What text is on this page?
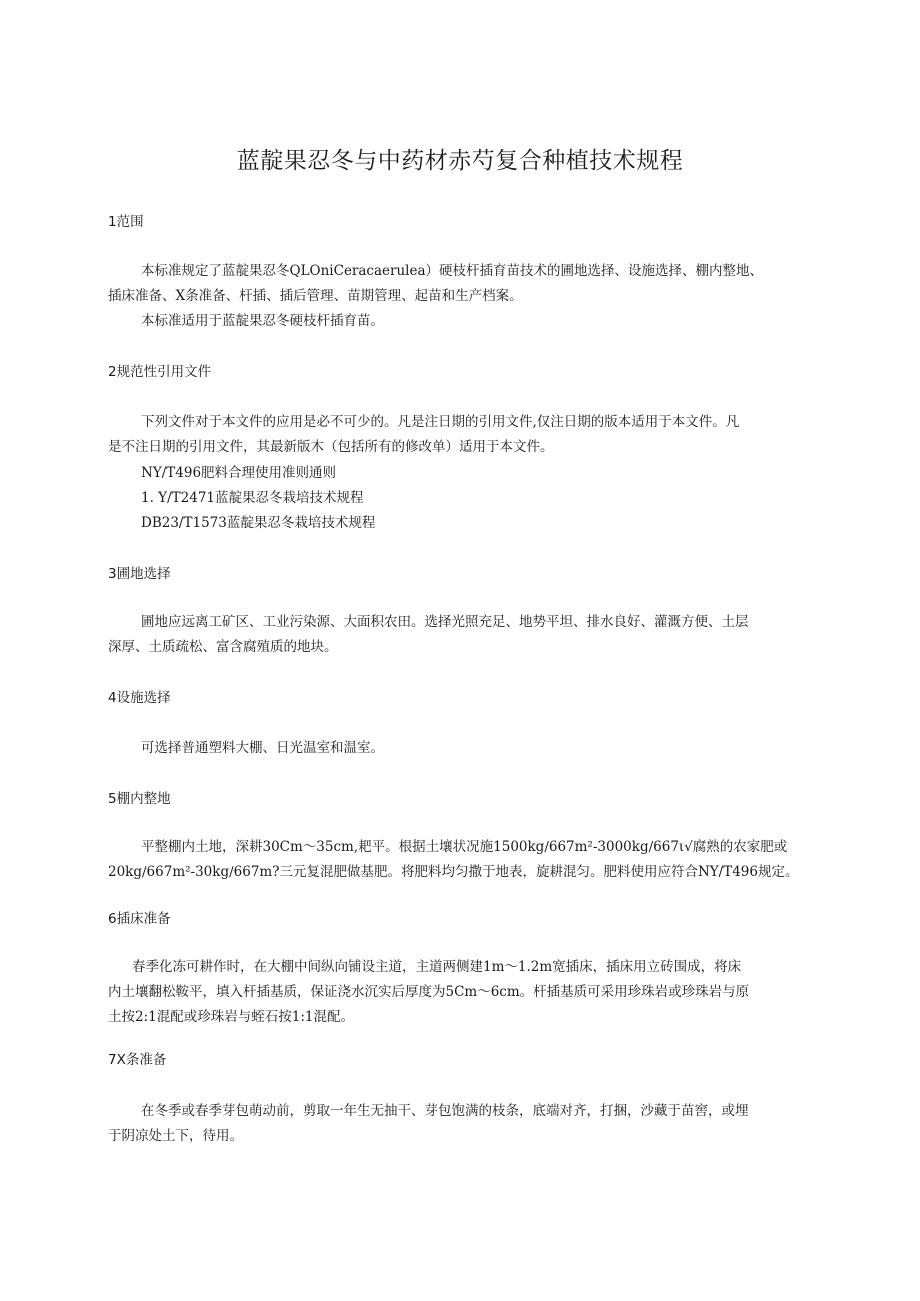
蓝靛果忍冬与中药材赤芍复合种植技术规程
1范围
本标准规定了蓝靛果忍冬QLOniCeracaerulea）硬枝杆插育苗技术的圃地选择、设施选择、棚内整地、
插床准备、X条准备、杆插、插后管理、苗期管理、起苗和生产档案。
本标准适用于蓝靛果忍冬硬枝杆插育苗。
2规范性引用文件
下列文件对于本文件的应用是必不可少的。凡是注日期的引用文件,仅注日期的版本适用于本文件。凡
是不注日期的引用文件，其最新版木（包括所有的修改单）适用于本文件。
NY/T496肥料合理使用准则通则
1. Y/T2471蓝靛果忍冬栽培技术规程
DB23/T1573蓝靛果忍冬栽培技术规程
3圃地选择
圃地应远离工矿区、工业污染源、大面积农田。选择光照充足、地势平坦、排水良好、灌溉方便、土层
深厚、土质疏松、富含腐殖质的地块。
4设施选择
可选择普通塑料大棚、日光温室和温室。
5棚内整地
平整棚内土地，深耕30Cm～35cm,耙平。根据土壤状况施1500kg∕667m²-3000kg∕667ι√腐熟的农家肥或
20kg∕667m²-30kg∕667m?三元复混肥做基肥。将肥料均匀撒于地表，旋耕混匀。肥料使用应符合NY/T496规定。
6插床准备
春季化冻可耕作时，在大棚中间纵向铺设主道，主道两侧建1m～1.2m宽插床，插床用立砖围成，将床
内土壤翻松鞍平，填入杆插基质，保证浇水沉实后厚度为5Cm～6cm。杆插基质可采用珍珠岩或珍珠岩与原
土按2:1混配或珍珠岩与蛭石按1:1混配。
7X条准备
在冬季或春季芽包萌动前，剪取一年生无抽干、芽包饱满的枝条，底端对齐，打捆，沙藏于苗窖，或埋
于阴凉处土下，待用。
